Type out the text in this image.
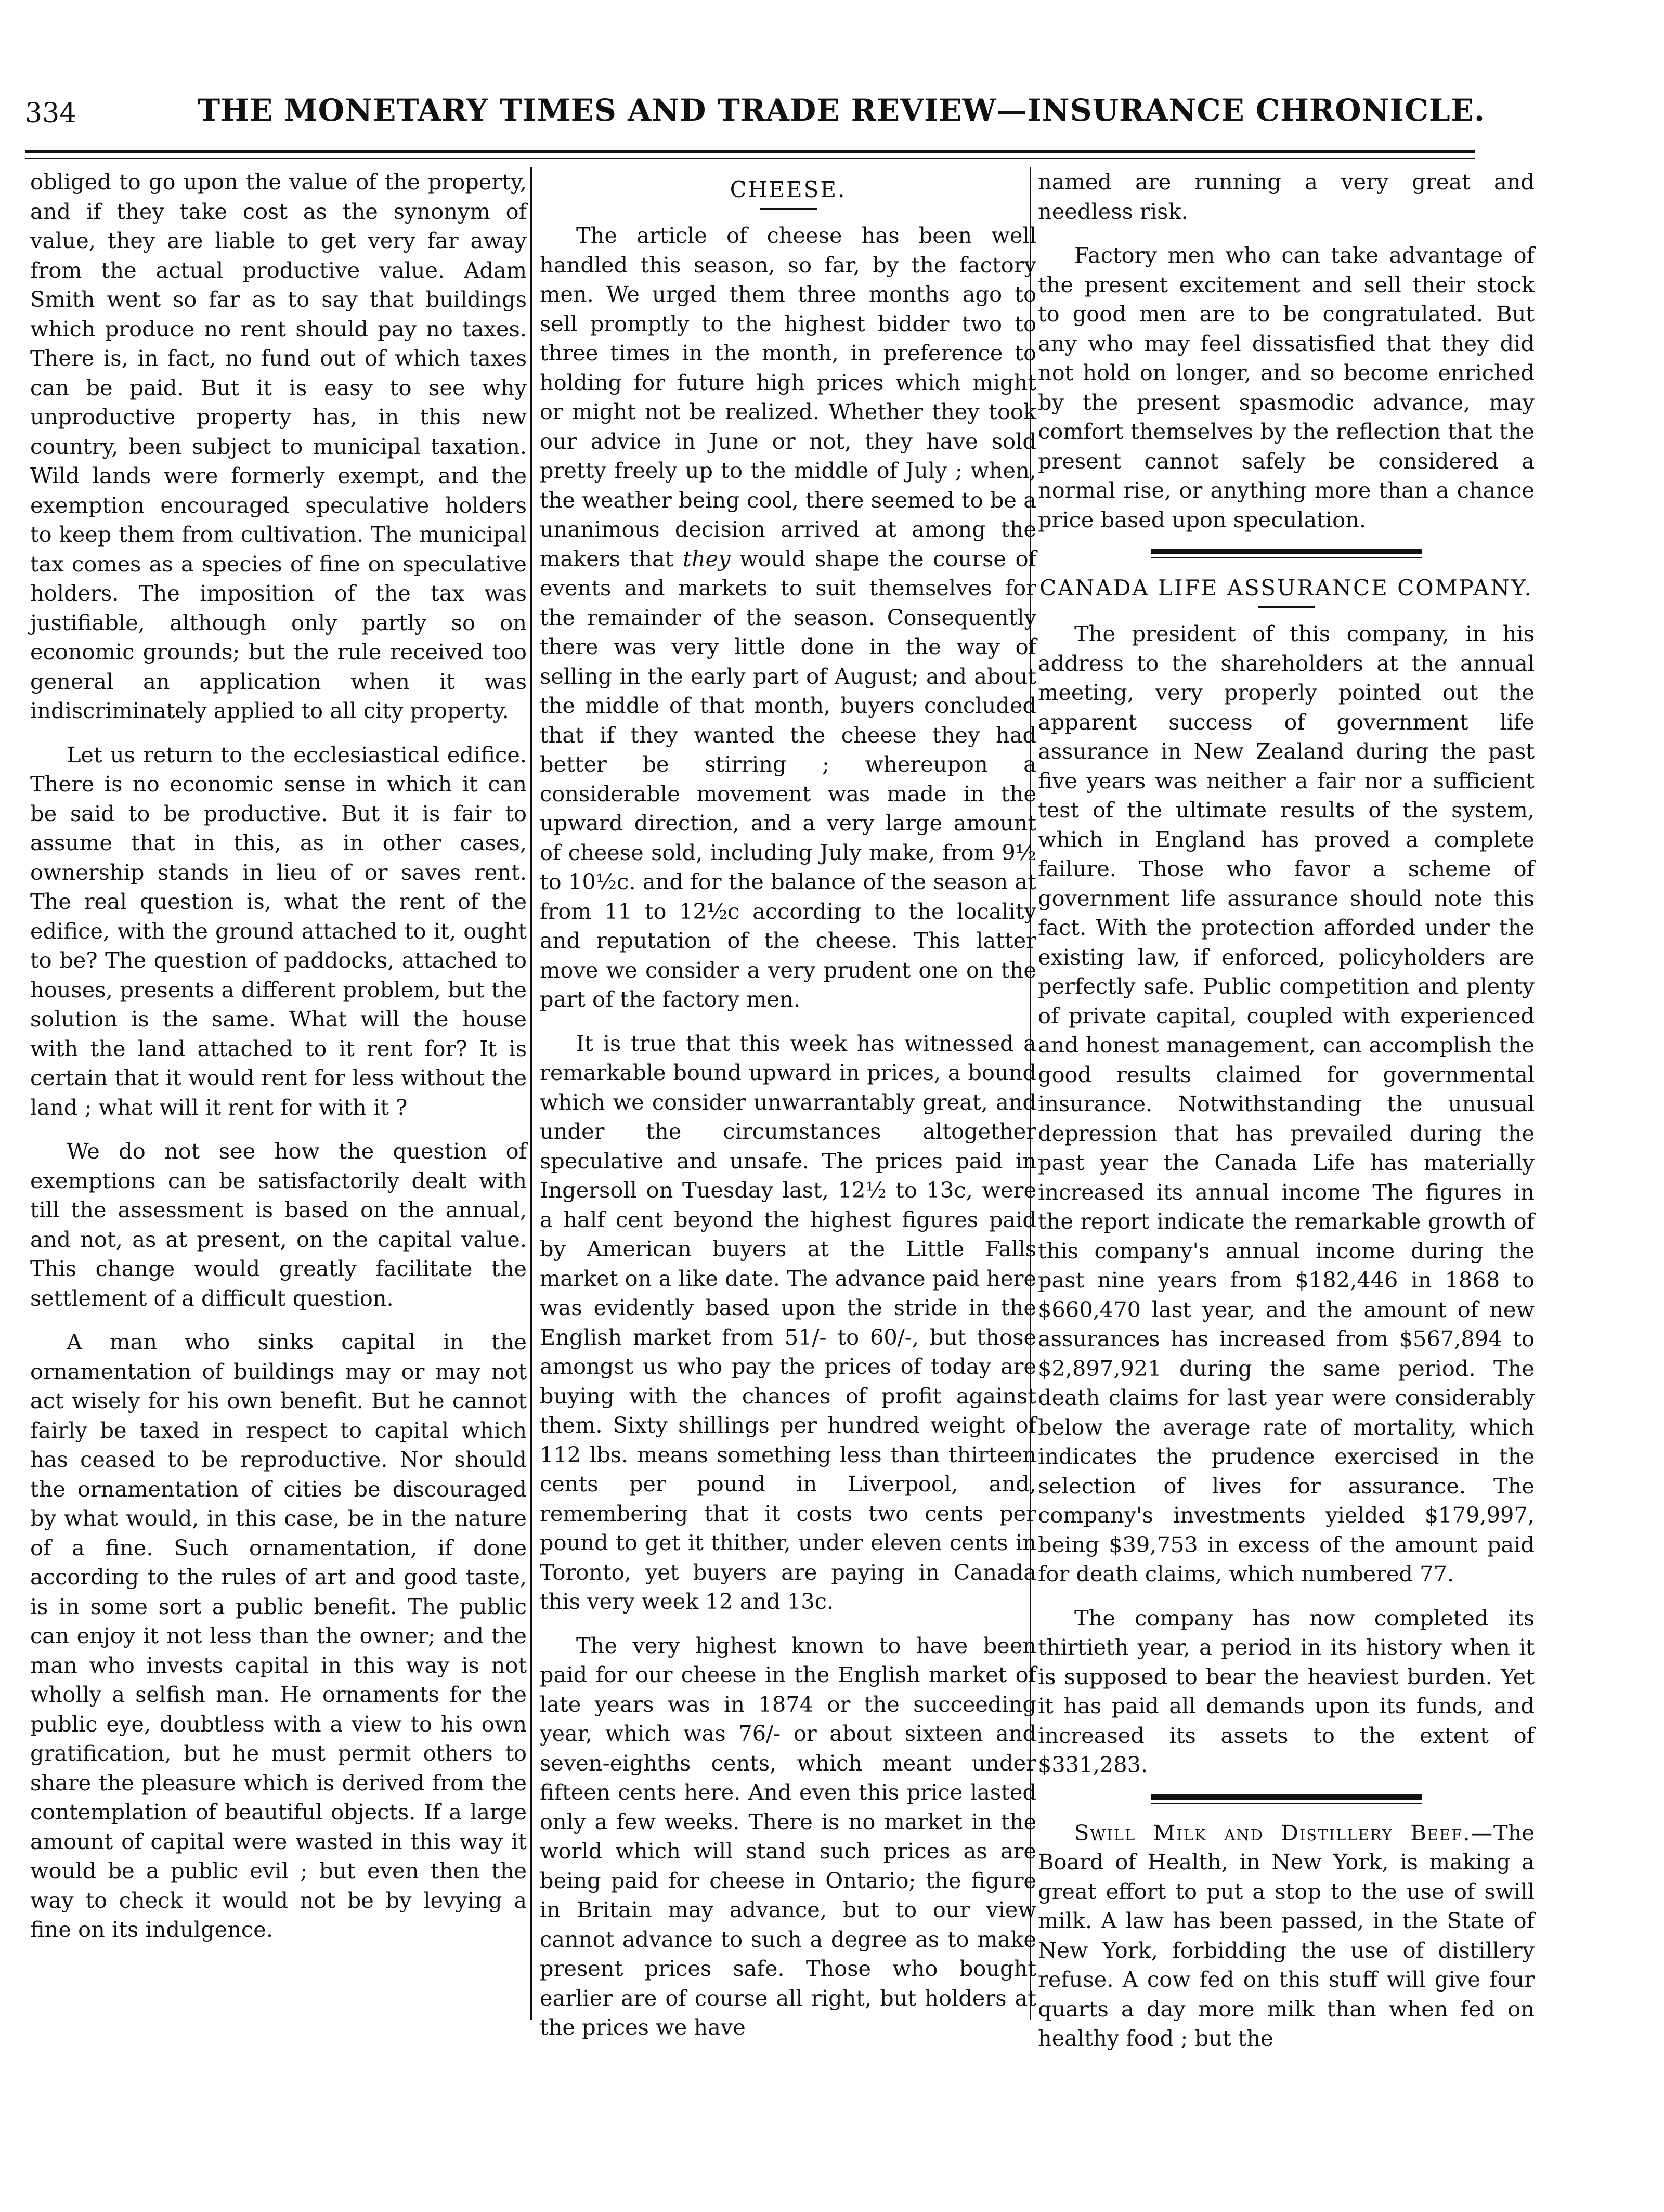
334	THE MONETARY TIMES AND TRADE REVIEW—INSURANCE CHRONICLE.

obliged to go upon the value of the property, and if they take cost as the synonym of value, they are liable to get very far away from the actual productive value. Adam Smith went so far as to say that buildings which produce no rent should pay no taxes. There is, in fact, no fund out of which taxes can be paid. But it is easy to see why unproductive property has, in this new country, been subject to municipal taxation. Wild lands were formerly exempt, and the exemption encouraged speculative holders to keep them from cultivation. The municipal tax comes as a species of fine on speculative holders. The imposition of the tax was justifiable, although only partly so on economic grounds; but the rule received too general an application when it was indiscriminately applied to all city property.

Let us return to the ecclesiastical edifice. There is no economic sense in which it can be said to be productive. But it is fair to assume that in this, as in other cases, ownership stands in lieu of or saves rent. The real question is, what the rent of the edifice, with the ground attached to it, ought to be? The question of paddocks, attached to houses, presents a different problem, but the solution is the same. What will the house with the land attached to it rent for? It is certain that it would rent for less without the land ; what will it rent for with it ?

We do not see how the question of exemptions can be satisfactorily dealt with till the assessment is based on the annual, and not, as at present, on the capital value. This change would greatly facilitate the settlement of a difficult question.

A man who sinks capital in the ornamentation of buildings may or may not act wisely for his own benefit. But he cannot fairly be taxed in respect to capital which has ceased to be reproductive. Nor should the ornamentation of cities be discouraged by what would, in this case, be in the nature of a fine. Such ornamentation, if done according to the rules of art and good taste, is in some sort a public benefit. The public can enjoy it not less than the owner; and the man who invests capital in this way is not wholly a selfish man. He ornaments for the public eye, doubtless with a view to his own gratification, but he must permit others to share the pleasure which is derived from the contemplation of beautiful objects. If a large amount of capital were wasted in this way it would be a public evil ; but even then the way to check it would not be by levying a fine on its indulgence.

CHEESE.

The article of cheese has been well handled this season, so far, by the factory men. We urged them three months ago to sell promptly to the highest bidder two to three times in the month, in preference to holding for future high prices which might or might not be realized. Whether they took our advice in June or not, they have sold pretty freely up to the middle of July ; when, the weather being cool, there seemed to be a unanimous decision arrived at among the makers that they would shape the course of events and markets to suit themselves for the remainder of the season. Consequently there was very little done in the way of selling in the early part of August; and about the middle of that month, buyers concluded that if they wanted the cheese they had better be stirring ; whereupon a considerable movement was made in the upward direction, and a very large amount of cheese sold, including July make, from 9½ to 10½c. and for the balance of the season at from 11 to 12½c according to the locality and reputation of the cheese. This latter move we consider a very prudent one on the part of the factory men.

It is true that this week has witnessed a remarkable bound upward in prices, a bound which we consider unwarrantably great, and under the circumstances altogether speculative and unsafe. The prices paid in Ingersoll on Tuesday last, 12½ to 13c, were a half cent beyond the highest figures paid by American buyers at the Little Falls market on a like date. The advance paid here was evidently based upon the stride in the English market from 51/- to 60/-, but those amongst us who pay the prices of today are buying with the chances of profit against them. Sixty shillings per hundred weight of 112 lbs. means something less than thirteen cents per pound in Liverpool, and, remembering that it costs two cents per pound to get it thither, under eleven cents in Toronto, yet buyers are paying in Canada this very week 12 and 13c.

The very highest known to have been paid for our cheese in the English market of late years was in 1874 or the succeeding year, which was 76/- or about sixteen and seven-eighths cents, which meant under fifteen cents here. And even this price lasted only a few weeks. There is no market in the world which will stand such prices as are being paid for cheese in Ontario; the figure in Britain may advance, but to our view cannot advance to such a degree as to make present prices safe. Those who bought earlier are of course all right, but holders at the prices we have

named are running a very great and needless risk.

Factory men who can take advantage of the present excitement and sell their stock to good men are to be congratulated. But any who may feel dissatisfied that they did not hold on longer, and so become enriched by the present spasmodic advance, may comfort themselves by the reflection that the present cannot safely be considered a normal rise, or anything more than a chance price based upon speculation.

CANADA LIFE ASSURANCE COMPANY.

The president of this company, in his address to the shareholders at the annual meeting, very properly pointed out the apparent success of government life assurance in New Zealand during the past five years was neither a fair nor a sufficient test of the ultimate results of the system, which in England has proved a complete failure. Those who favor a scheme of government life assurance should note this fact. With the protection afforded under the existing law, if enforced, policyholders are perfectly safe. Public competition and plenty of private capital, coupled with experienced and honest management, can accomplish the good results claimed for governmental insurance. Notwithstanding the unusual depression that has prevailed during the past year the Canada Life has materially increased its annual income The figures in the report indicate the remarkable growth of this company's annual income during the past nine years from $182,446 in 1868 to $660,470 last year, and the amount of new assurances has increased from $567,894 to $2,897,921 during the same period. The death claims for last year were considerably below the average rate of mortality, which indicates the prudence exercised in the selection of lives for assurance. The company's investments yielded $179,997, being $39,753 in excess of the amount paid for death claims, which numbered 77.

The company has now completed its thirtieth year, a period in its history when it is supposed to bear the heaviest burden. Yet it has paid all demands upon its funds, and increased its assets to the extent of $331,283.

Swill Milk and Distillery Beef.—The Board of Health, in New York, is making a great effort to put a stop to the use of swill milk. A law has been passed, in the State of New York, forbidding the use of distillery refuse. A cow fed on this stuff will give four quarts a day more milk than when fed on healthy food ; but the
